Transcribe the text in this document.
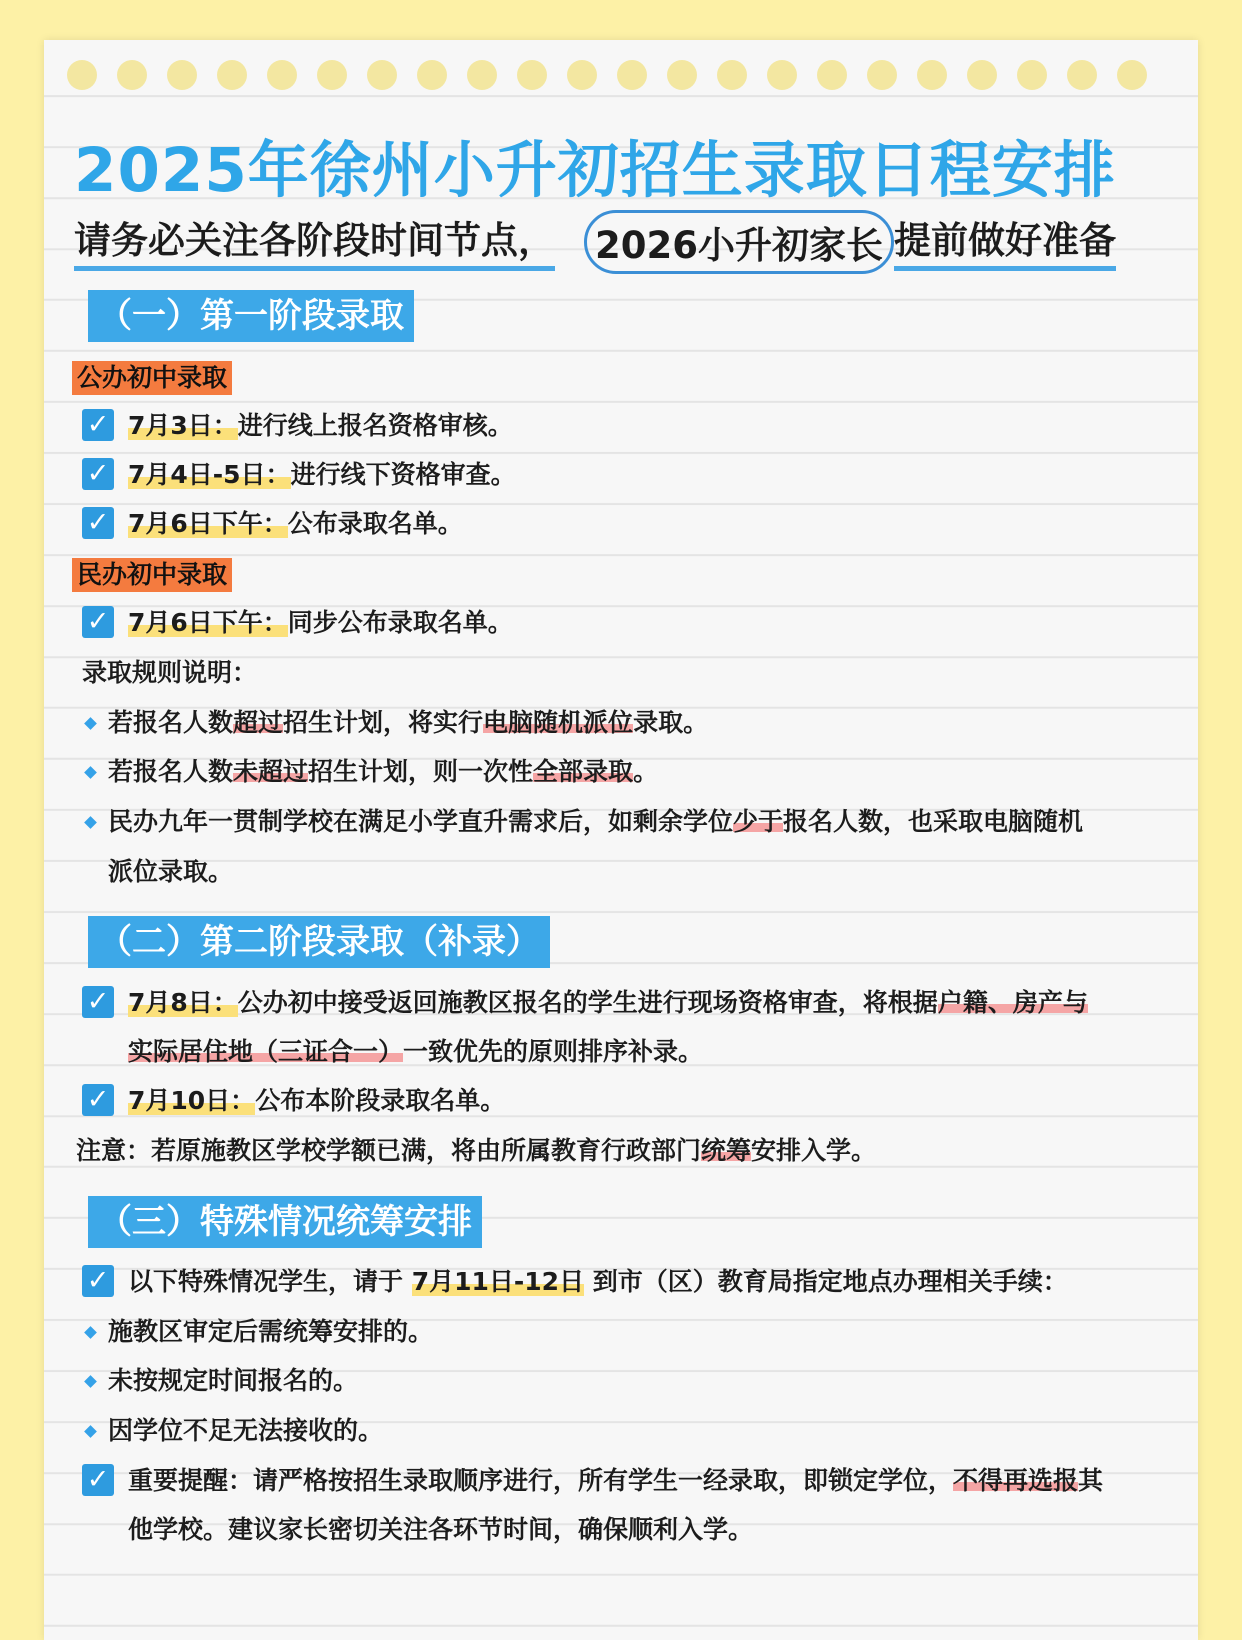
2025年徐州小升初招生录取日程安排
请务必关注各阶段时间节点， 2026小升初家长 提前做好准备
（一）第一阶段录取
公办初中录取
✓ 7月3日：进行线上报名资格审核。
✓ 7月4日-5日：进行线下资格审查。
✓ 7月6日下午：公布录取名单。
民办初中录取
✓ 7月6日下午：同步公布录取名单。
录取规则说明：
若报名人数超过招生计划，将实行电脑随机派位录取。
若报名人数未超过招生计划，则一次性全部录取。
民办九年一贯制学校在满足小学直升需求后，如剩余学位少于报名人数，也采取电脑随机
派位录取。
（二）第二阶段录取（补录）
✓ 7月8日：公办初中接受返回施教区报名的学生进行现场资格审查，将根据户籍、房产与
实际居住地（三证合一）一致优先的原则排序补录。
✓ 7月10日：公布本阶段录取名单。
注意：若原施教区学校学额已满，将由所属教育行政部门统筹安排入学。
（三）特殊情况统筹安排
✓ 以下特殊情况学生，请于 7月11日-12日 到市（区）教育局指定地点办理相关手续：
施教区审定后需统筹安排的。
未按规定时间报名的。
因学位不足无法接收的。
✓ 重要提醒：请严格按招生录取顺序进行，所有学生一经录取，即锁定学位，不得再选报其
他学校。建议家长密切关注各环节时间，确保顺利入学。
